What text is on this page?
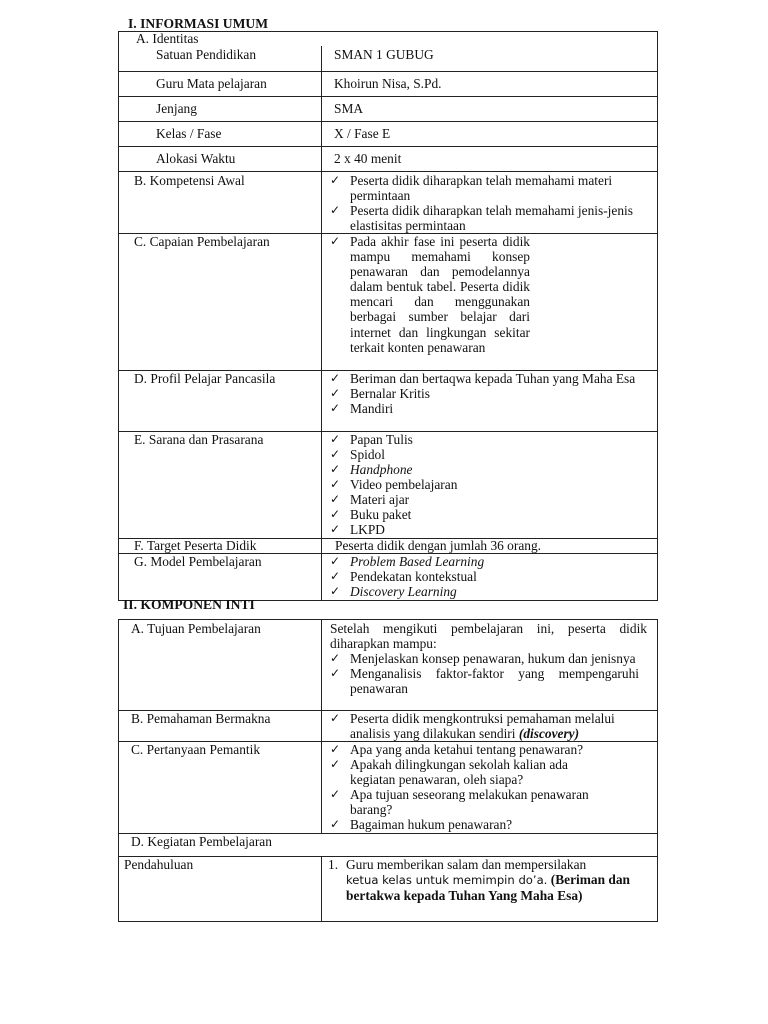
I. INFORMASI UMUM
A. Identitas
Satuan Pendidikan	SMAN 1 GUBUG
Guru Mata pelajaran	Khoirun Nisa, S.Pd.
Jenjang	SMA
Kelas / Fase	X / Fase E
Alokasi Waktu	2 x 40 menit
B. Kompetensi Awal	✓ Peserta didik diharapkan telah memahami materi permintaan
✓ Peserta didik diharapkan telah memahami jenis-jenis elastisitas permintaan
C. Capaian Pembelajaran	✓ Pada akhir fase ini peserta didik mampu memahami konsep penawaran dan pemodelannya dalam bentuk tabel. Peserta didik mencari dan menggunakan berbagai sumber belajar dari internet dan lingkungan sekitar terkait konten penawaran
D. Profil Pelajar Pancasila	✓ Beriman dan bertaqwa kepada Tuhan yang Maha Esa
✓ Bernalar Kritis
✓ Mandiri
E. Sarana dan Prasarana	✓ Papan Tulis
✓ Spidol
✓ Handphone
✓ Video pembelajaran
✓ Materi ajar
✓ Buku paket
✓ LKPD
F. Target Peserta Didik	Peserta didik dengan jumlah 36 orang.
G. Model Pembelajaran	✓ Problem Based Learning
✓ Pendekatan kontekstual
✓ Discovery Learning
II. KOMPONEN INTI
A. Tujuan Pembelajaran	Setelah mengikuti pembelajaran ini, peserta didik diharapkan mampu:
✓ Menjelaskan konsep penawaran, hukum dan jenisnya
✓ Menganalisis faktor-faktor yang mempengaruhi penawaran
B. Pemahaman Bermakna	✓ Peserta didik mengkontruksi pemahaman melalui analisis yang dilakukan sendiri (discovery)
C. Pertanyaan Pemantik	✓ Apa yang anda ketahui tentang penawaran?
✓ Apakah dilingkungan sekolah kalian ada kegiatan penawaran, oleh siapa?
✓ Apa tujuan seseorang melakukan penawaran barang?
✓ Bagaiman hukum penawaran?
D. Kegiatan Pembelajaran
Pendahuluan	1. Guru memberikan salam dan mempersilakan
ketua kelas untuk memimpin do’a. (Beriman dan bertakwa kepada Tuhan Yang Maha Esa)
